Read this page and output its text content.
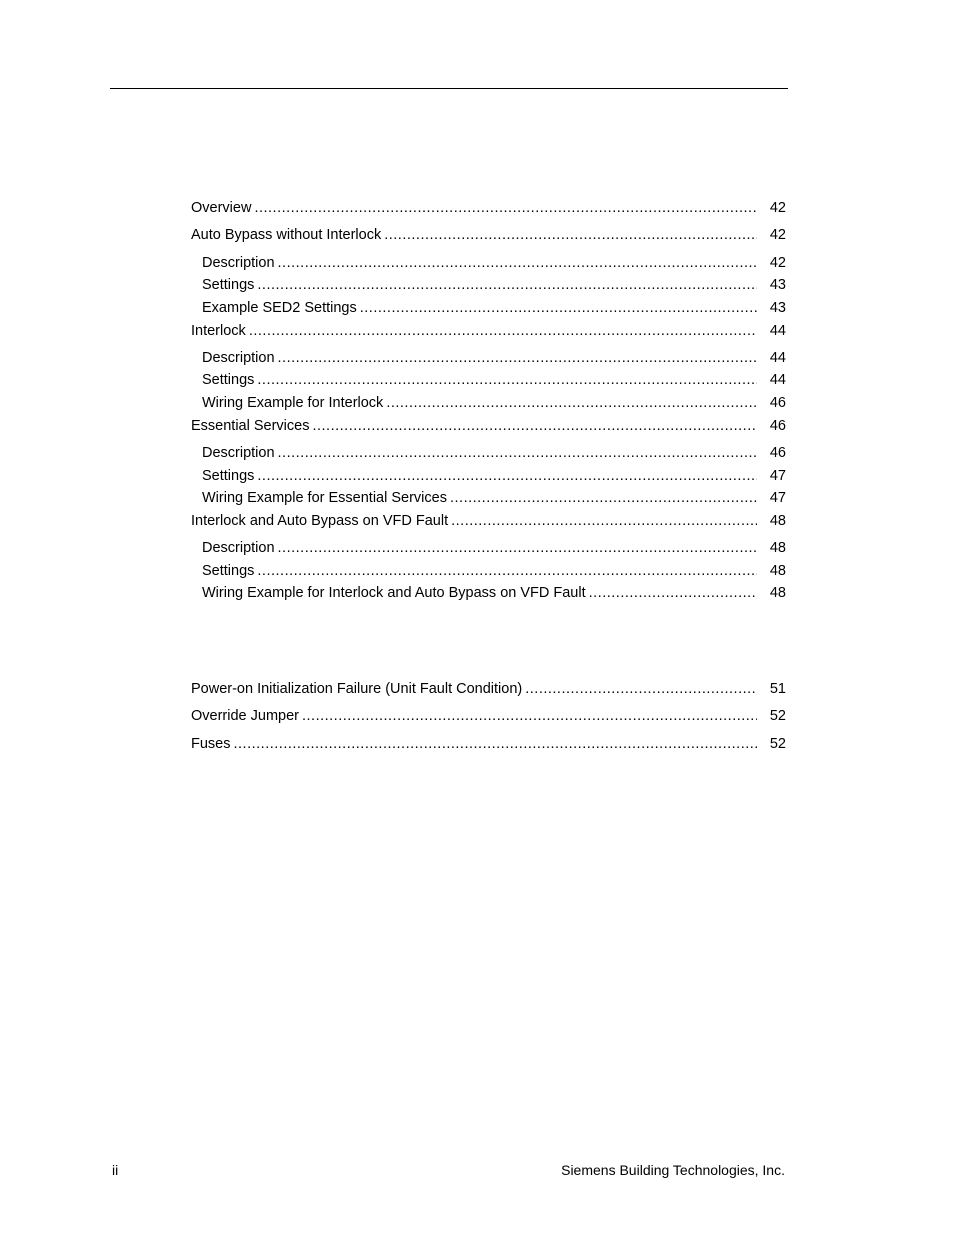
Overview .....	42
Auto Bypass without Interlock .....	42
Description .....	42
Settings .....	43
Example SED2 Settings .....	43
Interlock .....	44
Description .....	44
Settings .....	44
Wiring Example for Interlock .....	46
Essential Services .....	46
Description .....	46
Settings .....	47
Wiring Example for Essential Services .....	47
Interlock and Auto Bypass on VFD Fault .....	48
Description .....	48
Settings .....	48
Wiring Example for Interlock and Auto Bypass on VFD Fault .....	48
Power-on Initialization Failure (Unit Fault Condition) .....	51
Override Jumper .....	52
Fuses .....	52
ii	Siemens Building Technologies, Inc.
